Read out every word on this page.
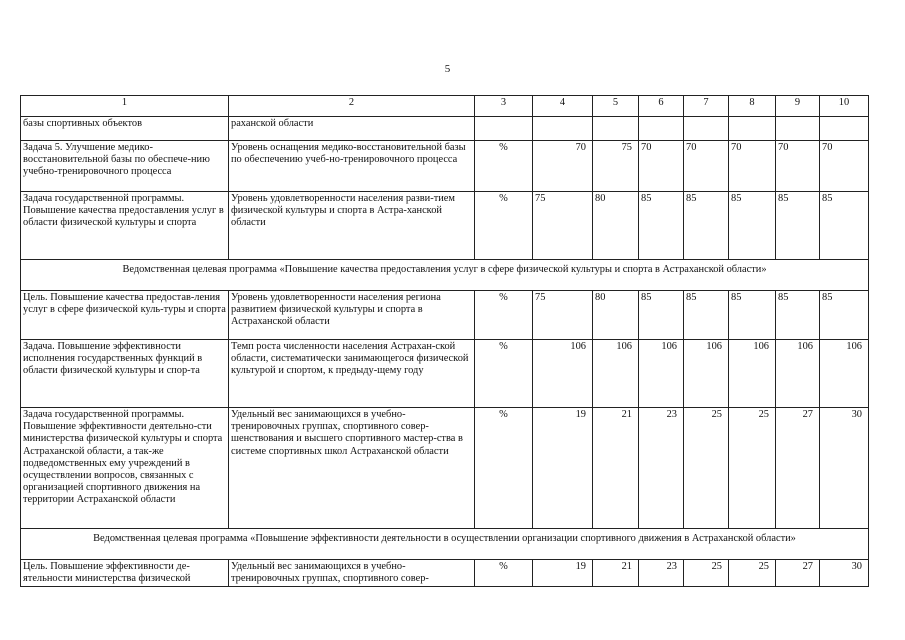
5
1	2	3	4	5	6	7	8	9	10
базы спортивных объектов	раханской области								
Задача 5. Улучшение медико-восстановительной базы по обеспече-нию учебно-тренировочного процесса	Уровень оснащения медико-восстановительной базы по обеспечению учеб-но-тренировочного процесса	%	70	75	70	70	70	70	70
Задача государственной программы. Повышение качества предоставления услуг в области физической культуры и спорта	Уровень удовлетворенности населения разви-тием физической культуры и спорта в Астра-ханской области	%	75	80	85	85	85	85	85
Ведомственная целевая программа «Повышение качества предоставления услуг в сфере физической культуры и спорта в Астраханской области»									
Цель. Повышение качества предостав-ления услуг в сфере физической куль-туры и спорта	Уровень удовлетворенности населения региона развитием физической культуры и спорта в Астраханской области	%	75	80	85	85	85	85	85
Задача. Повышение эффективности исполнения государственных функций в области физической культуры и спор-та	Темп роста численности населения Астрахан-ской области, систематически занимающегося физической культурой и спортом, к предыду-щему году	%	106	106	106	106	106	106	106
Задача государственной программы. Повышение эффективности деятельно-сти министерства физической культуры и спорта Астраханской области, а так-же подведомственных ему учреждений в осуществлении вопросов, связанных с организацией спортивного движения на территории Астраханской области	Удельный вес занимающихся в учебно-тренировочных группах, спортивного совер-шенствования и высшего спортивного мастер-ства в системе спортивных школ Астраханской области	%	19	21	23	25	25	27	30
Ведомственная целевая программа «Повышение эффективности деятельности в осуществлении организации спортивного движения в Астраханской области»									
Цель. Повышение эффективности де-ятельности министерства физической	Удельный вес занимающихся в учебно-тренировочных группах, спортивного совер-	%	19	21	23	25	25	27	30
